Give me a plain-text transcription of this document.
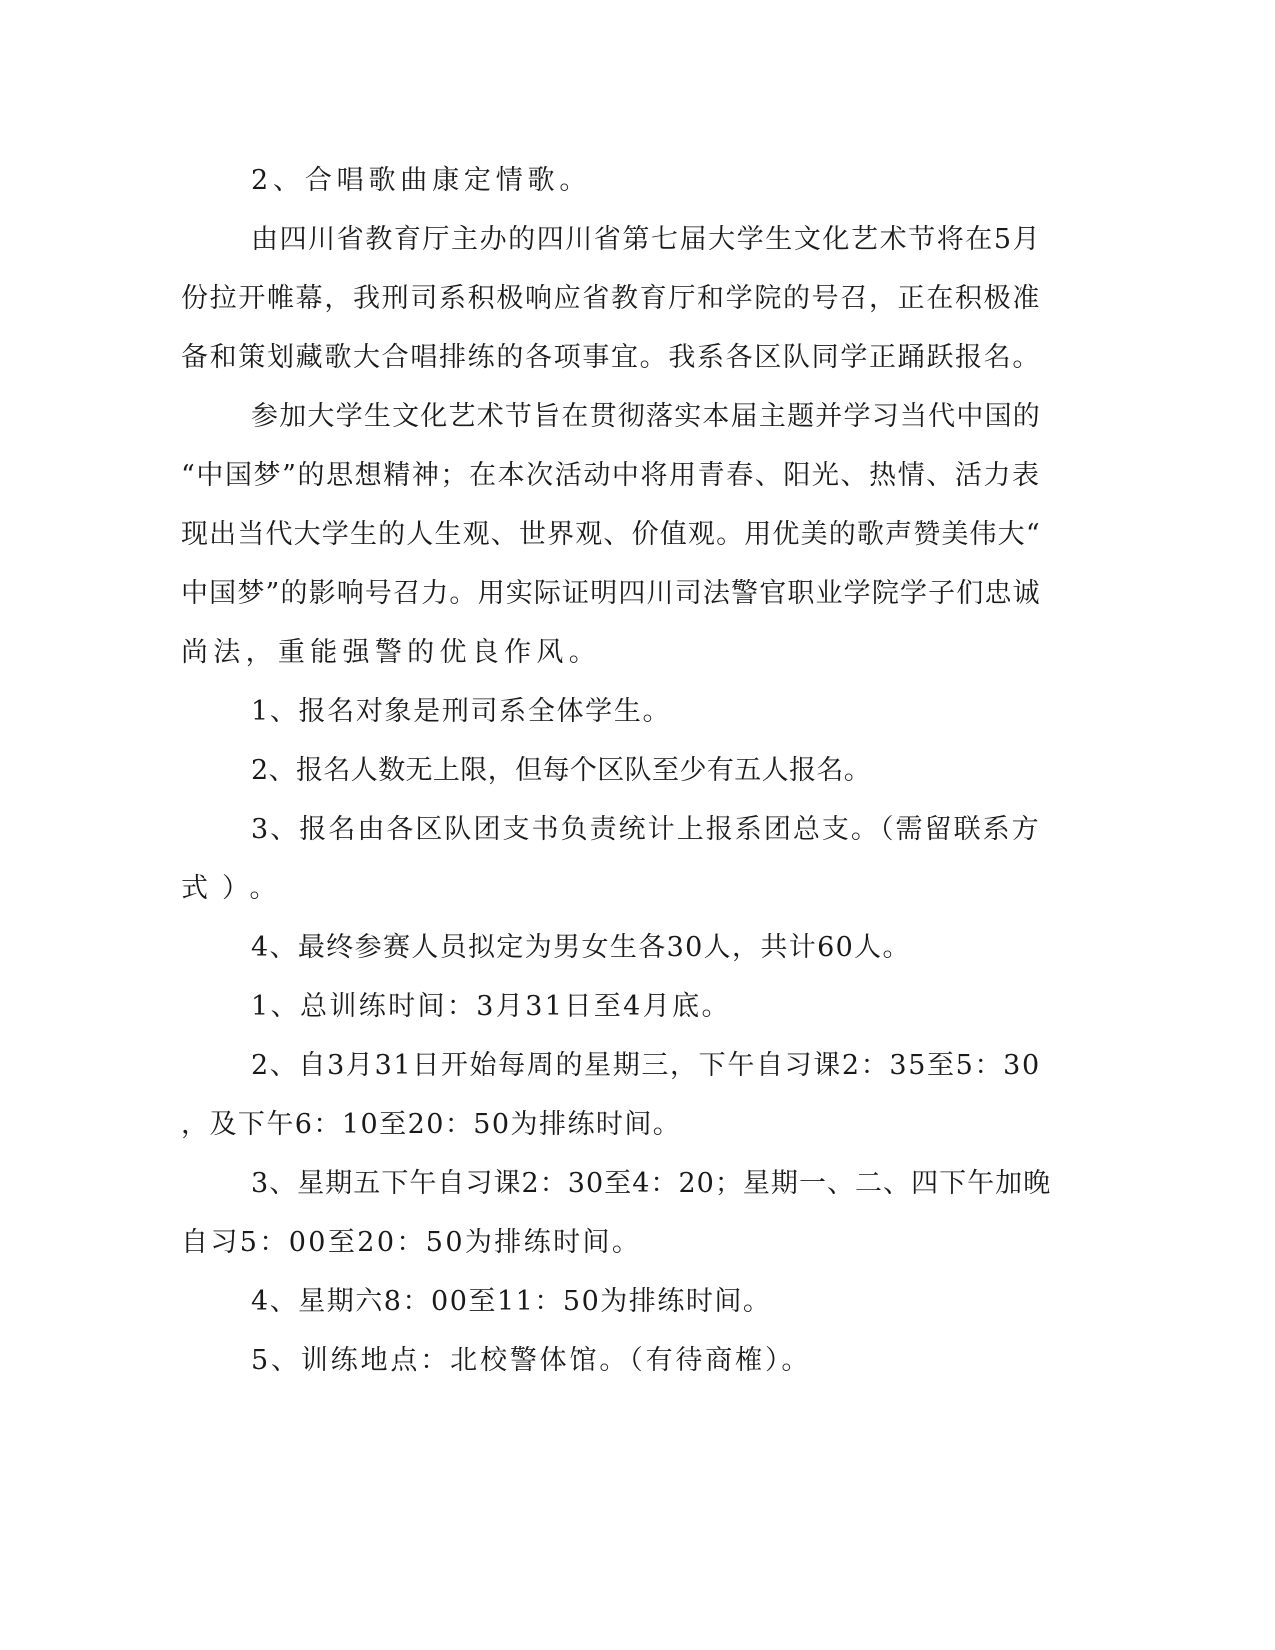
2、合唱歌曲康定情歌。
由四川省教育厅主办的四川省第七届大学生文化艺术节将在5月
份拉开帷幕，我刑司系积极响应省教育厅和学院的号召，正在积极准
备和策划藏歌大合唱排练的各项事宜。我系各区队同学正踊跃报名。
参加大学生文化艺术节旨在贯彻落实本届主题并学习当代中国的
“中国梦”的思想精神；在本次活动中将用青春、阳光、热情、活力表
现出当代大学生的人生观、世界观、价值观。用优美的歌声赞美伟大“
中国梦”的影响号召力。用实际证明四川司法警官职业学院学子们忠诚
尚法，重能强警的优良作风。
1、报名对象是刑司系全体学生。
2、报名人数无上限，但每个区队至少有五人报名。
3、报名由各区队团支书负责统计上报系团总支。（需留联系方
式）。
4、最终参赛人员拟定为男女生各30人，共计60人。
1、总训练时间：3月31日至4月底。
2、自3月31日开始每周的星期三，下午自习课2：35至5：30
，及下午6：10至20：50为排练时间。
3、星期五下午自习课2：30至4：20；星期一、二、四下午加晚
自习5：00至20：50为排练时间。
4、星期六8：00至11：50为排练时间。
5、训练地点：北校警体馆。（有待商榷）。
